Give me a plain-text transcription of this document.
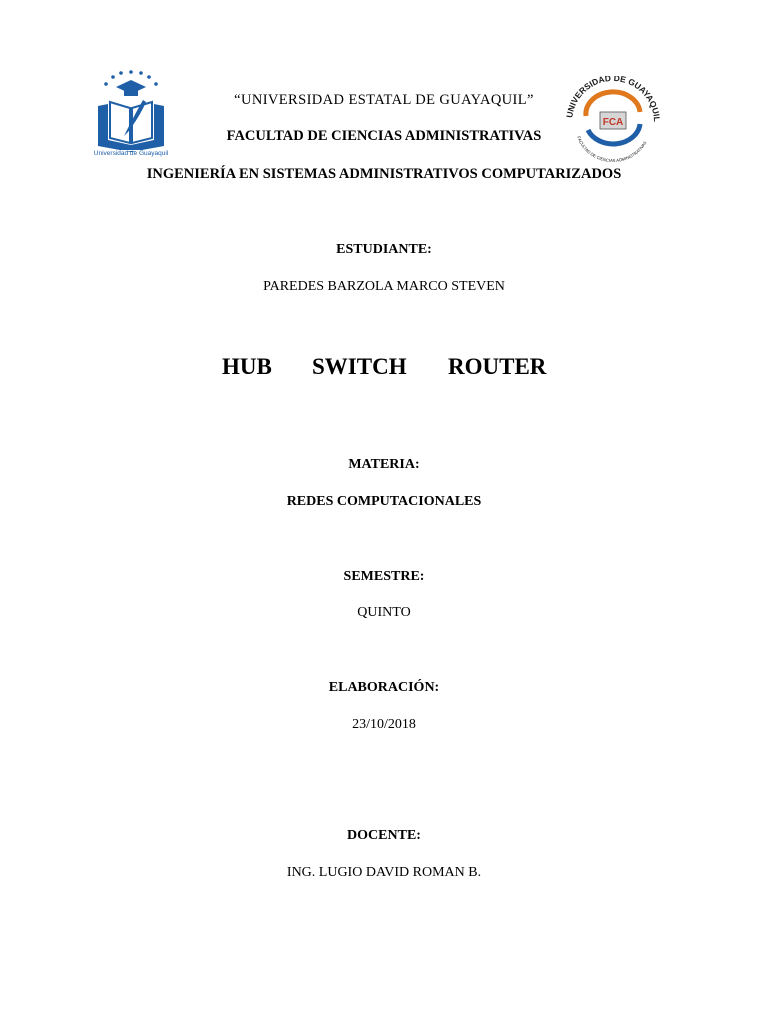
Universidad de Guayaquil
UNIVERSIDAD DE GUAYAQUIL
FACULTAD DE CIENCIAS ADMINISTRATIVAS
FCA
“UNIVERSIDAD ESTATAL DE GUAYAQUIL”
FACULTAD DE CIENCIAS ADMINISTRATIVAS
INGENIERÍA EN SISTEMAS ADMINISTRATIVOS COMPUTARIZADOS
ESTUDIANTE:
PAREDES BARZOLA MARCO STEVEN
HUB SWITCH ROUTER
MATERIA:
REDES COMPUTACIONALES
SEMESTRE:
QUINTO
ELABORACIÓN:
23/10/2018
DOCENTE:
ING. LUGIO DAVID ROMAN B.
